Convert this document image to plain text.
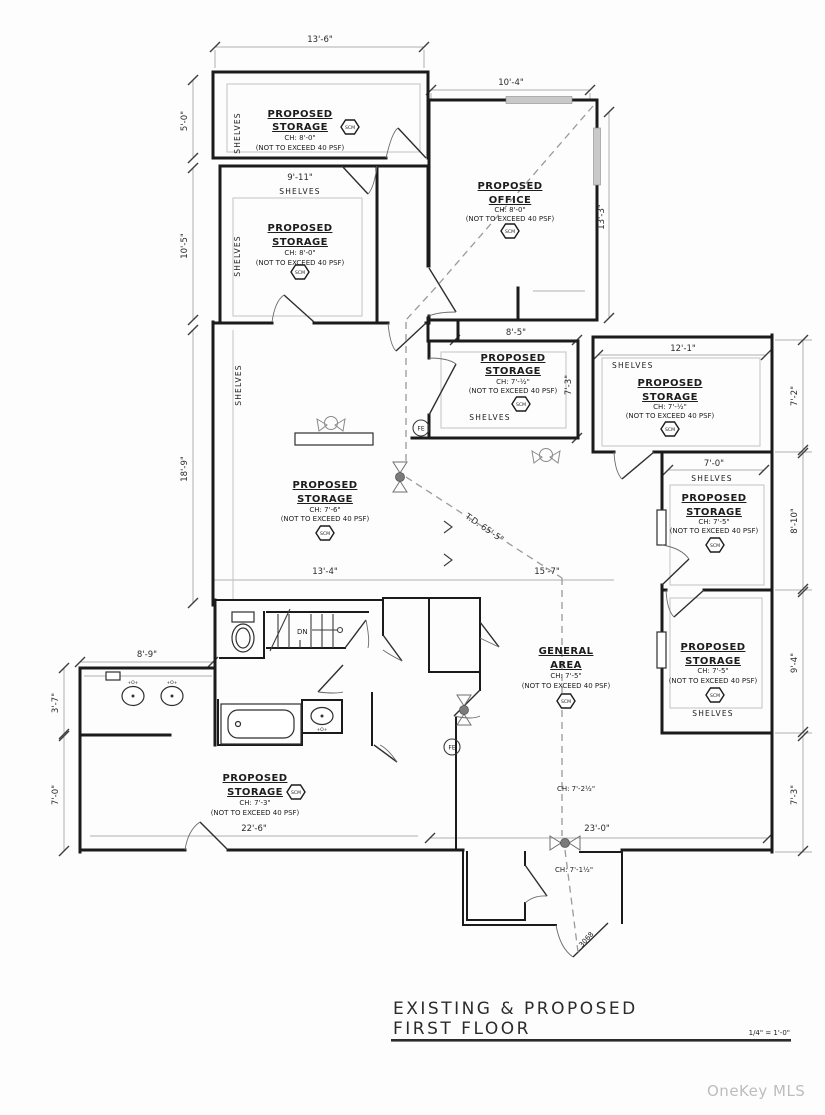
SCM
SCM
SCM
SCM
SCM
SCM
SCM
SCM
SCM
SCM
FE
FE
PROPOSED
STORAGE
CH: 8'-0"
(NOT TO EXCEED 40 PSF)
SHELVES
SHELVES
PROPOSED
STORAGE
CH: 8'-0"
(NOT TO EXCEED 40 PSF)
SHELVES
PROPOSED
OFFICE
CH: 8'-0"
(NOT TO EXCEED 40 PSF)
PROPOSED
STORAGE
CH: 7'-½"
(NOT TO EXCEED 40 PSF)
SHELVES
SHELVES
PROPOSED
STORAGE
CH: 7'-½"
(NOT TO EXCEED 40 PSF)
SHELVES
PROPOSED
STORAGE
CH: 7'-5"
(NOT TO EXCEED 40 PSF)
PROPOSED
STORAGE
CH: 7'-5"
(NOT TO EXCEED 40 PSF)
SHELVES
SHELVES
PROPOSED
STORAGE
CH: 7'-6"
(NOT TO EXCEED 40 PSF)
GENERAL
AREA
CH: 7'-5"
(NOT TO EXCEED 40 PSF)
PROPOSED
STORAGE
CH: 7'-3"
(NOT TO EXCEED 40 PSF)
DN
CH: 7'-2½"
CH: 7'-1½"
3068
T.D. 65'-5"
+O+	+O+
+O+
13'-6"
10'-4"
5'-0"
9'-11"
10'-5"
13'-3"
8'-5"
7'-3"
12'-1"
7'-2"
7'-0"
8'-10"
9'-4"
7'-3"
18'-9"
13'-4"	15'-7"
8'-9"
3'-7"
7'-0"
22'-6"	23'-0"
EXISTING & PROPOSED
FIRST FLOOR	1/4" = 1'-0"
OneKey MLS
